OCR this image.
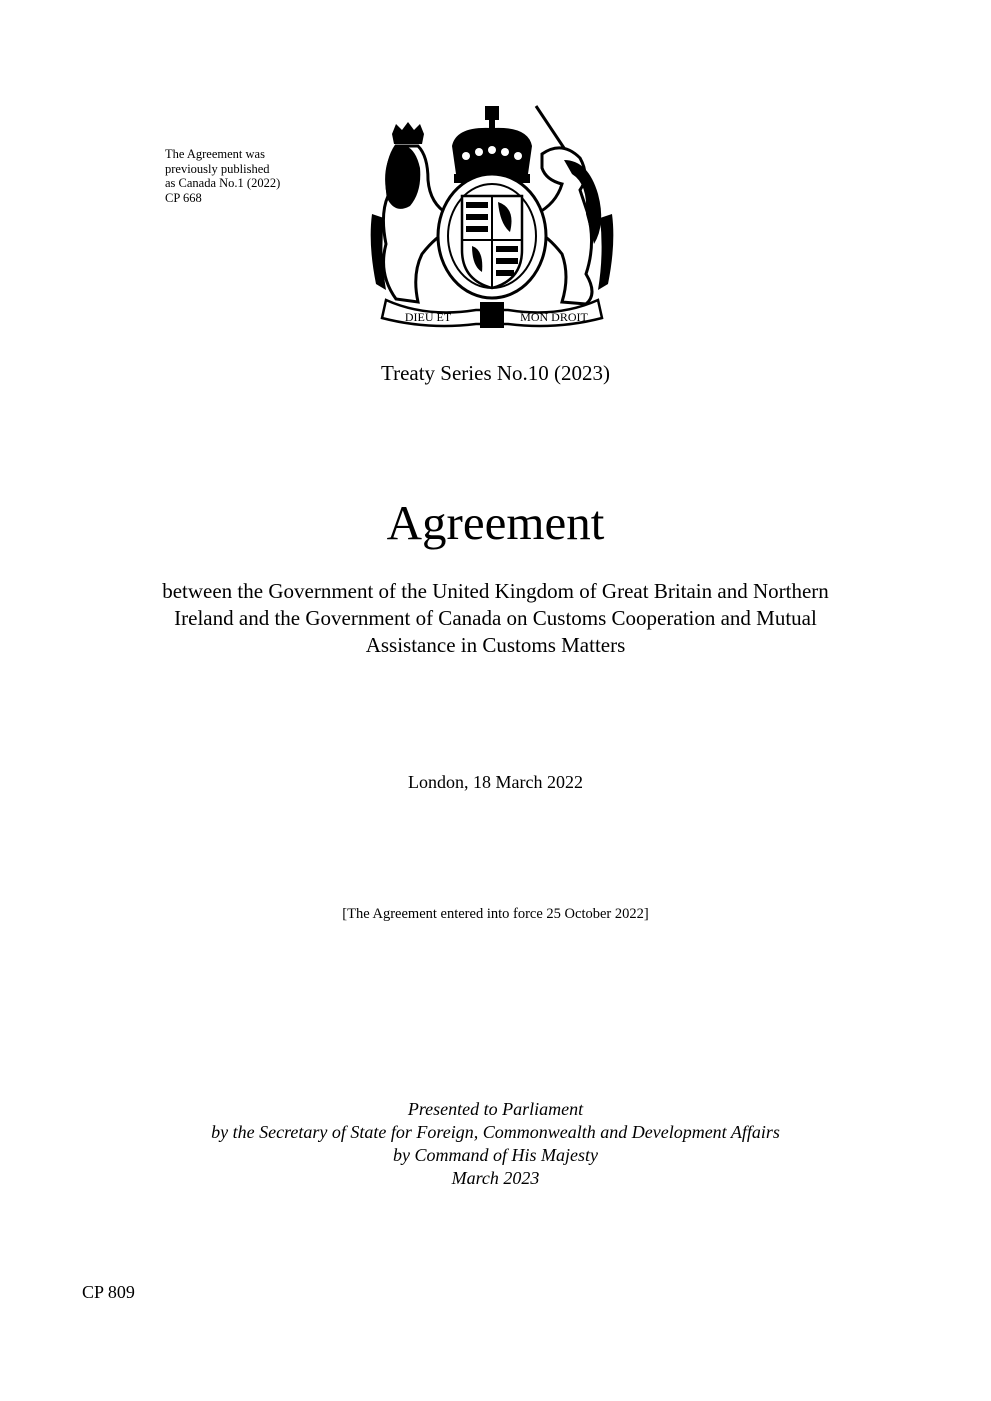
The Agreement was
previously published
as Canada No.1 (2022)
CP 668
DIEU ET	MON DROIT
Treaty Series No.10 (2023)
Agreement
between the Government of the United Kingdom of Great Britain and Northern
Ireland and the Government of Canada on Customs Cooperation and Mutual
Assistance in Customs Matters
London, 18 March 2022
[The Agreement entered into force 25 October 2022]
Presented to Parliament
by the Secretary of State for Foreign, Commonwealth and Development Affairs
by Command of His Majesty
March 2023
CP 809
